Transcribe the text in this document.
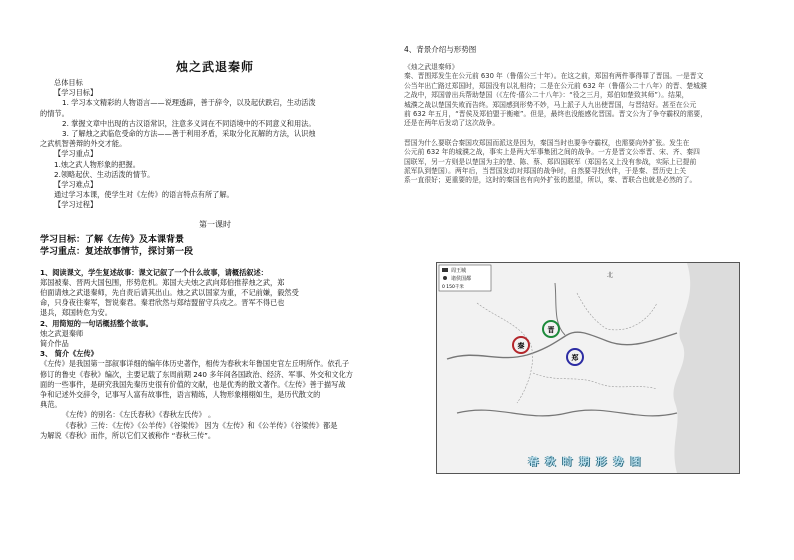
烛之武退秦师
总体目标
【学习目标】
1. 学习本文精彩的人物语言——说理透辟，善于辞令，以及起伏跌宕，生动活泼
的情节。
2. 掌握文章中出现的古汉语常识，注意多义词在不同语境中的不同意义和用法。
3. 了解烛之武临危受命的方法——善于利用矛盾，采取分化瓦解的方法，认识烛
之武机智善辩的外交才能。
【学习重点】
1.烛之武人物形象的把握。
2.领略起伏、生动活泼的情节。
【学习难点】
通过学习本课，使学生对《左传》的语言特点有所了解。
【学习过程】
第一课时
学习目标：了解《左传》及本课背景
学习重点：复述故事情节，探讨第一段
1、阅读课文，学生复述故事：课文记叙了一个什么故事，请概括叙述：
郑国被秦、晋两大国包围，形势危机。郑国大夫烛之武向郑伯推荐烛之武，郑
伯面请烛之武退秦师，先自责后请其出山。烛之武以国家为重，不记前嫌，毅然受
命，只身夜往秦军，智说秦君。秦君欣然与郑结盟留守兵戍之。晋军不得已也
退兵，郑国转危为安。
2、用简短的一句话概括整个故事。
烛之武退秦师
简介作品
3、 简介《左传》
《左传》是我国第一部叙事详细的编年体历史著作，相传为春秋末年鲁国史官左丘明所作。依孔子
修订的鲁史《春秋》编次，主要记载了东周前期 240 多年间各国政治、经济、军事、外交和文化方
面的一些事件，是研究我国先秦历史很有价值的文献，也是优秀的散文著作。《左传》善于描写战
争和记述外交辞令，记事写人富有故事性，语言精练，人物形象栩栩如生，是历代散文的
典范。
《左传》的别名：《左氏春秋》《春秋左氏传》 。
《春秋》三传：《左传》《公羊传》《谷梁传》 因为《左传》和《公羊传》《谷梁传》都是
为解说《春秋》而作，所以它们又被称作 “春秋三传”。
4、背景介绍与形势图
《烛之武退秦师》
秦、晋围郑发生在公元前 630 年（鲁僖公三十年）。在这之前，郑国有两件事得罪了晋国。一是晋文
公当年出亡路过郑国时，郑国没有以礼相待；二是在公元前 632 年（鲁僖公二十八年）的晋、楚城濮
之战中，郑国曾出兵帮助楚国（《左传·僖公二十八年》：“役之三月，郑伯如楚致其师”）。结果，
城濮之战以楚国失败而告终。郑国感到形势不妙，马上派子人九出使晋国，与晋结好。甚至在公元
前 632 年五月，“晋侯及郑伯盟于衡雍”。但是，最终也没能感化晋国。晋文公为了争夺霸权的需要，
还是在两年后发动了这次战争。
晋国为什么要联合秦国攻郑国而派这是因为，秦国当时也要争夺霸权，也需要向外扩张。发生在
公元前 632 年的城濮之战，事实上是两大军事集团之间的战争。一方是晋文公率晋、宋、齐、秦四
国联军，另一方则是以楚国为主的楚、陈、蔡、郑四国联军（郑国名义上没有参战，实际上已提前
派军队到楚国）。两年后，当晋国发动对郑国的战争时，自然要寻找伙伴，于是秦、晋历史上关
系一直很好；更重要的是，这时的秦国也有向外扩张的愿望，所以，秦、晋联合也就是必然的了。
周王城
诸侯国都
0 150千米
北
秦
晋
郑
春秋时期形势图
